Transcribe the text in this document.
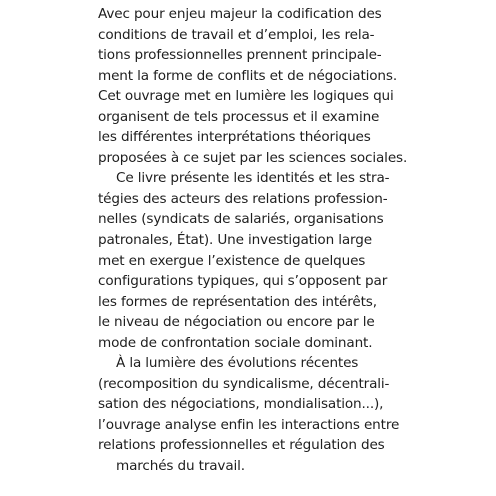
Avec pour enjeu majeur la codification des
conditions de travail et d’emploi, les rela-
tions professionnelles prennent principale-
ment la forme de conflits et de négociations.
Cet ouvrage met en lumière les logiques qui
organisent de tels processus et il examine
les différentes interprétations théoriques
proposées à ce sujet par les sciences sociales.

Ce livre présente les identités et les stra-
tégies des acteurs des relations profession-
nelles (syndicats de salariés, organisations
patronales, État). Une investigation large
met en exergue l’existence de quelques
configurations typiques, qui s’opposent par
les formes de représentation des intérêts,
le niveau de négociation ou encore par le
mode de confrontation sociale dominant.

À la lumière des évolutions récentes
(recomposition du syndicalisme, décentrali-
sation des négociations, mondialisation...),
l’ouvrage analyse enfin les interactions entre
relations professionnelles et régulation des
marchés du travail.
